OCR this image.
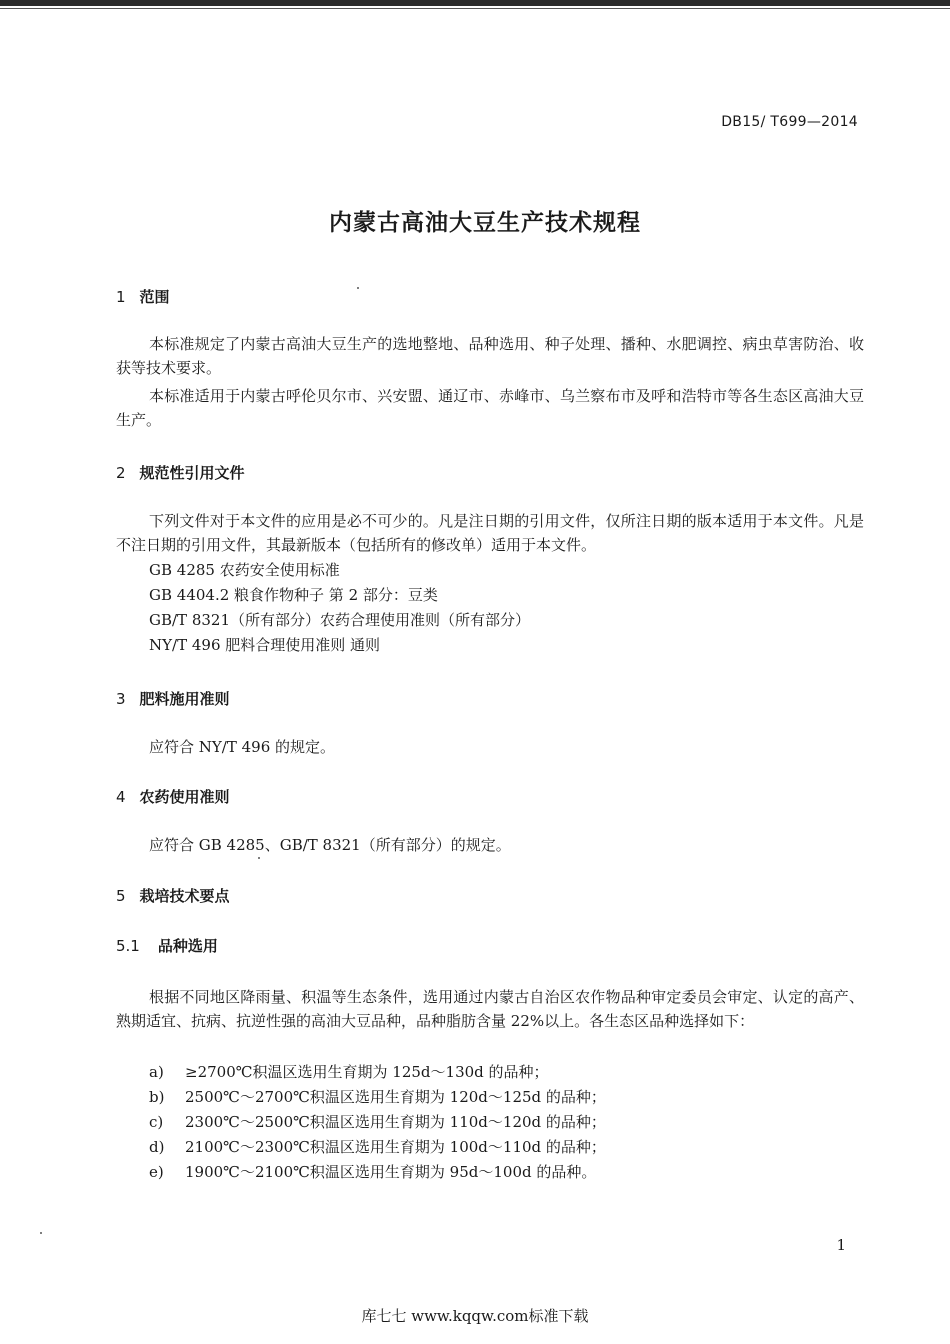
DB15/ T699—2014
内蒙古高油大豆生产技术规程
1 范围
本标准规定了内蒙古高油大豆生产的选地整地、品种选用、种子处理、播种、水肥调控、病虫草害防治、收获等技术要求。
本标准适用于内蒙古呼伦贝尔市、兴安盟、通辽市、赤峰市、乌兰察布市及呼和浩特市等各生态区高油大豆生产。
2 规范性引用文件
下列文件对于本文件的应用是必不可少的。凡是注日期的引用文件，仅所注日期的版本适用于本文件。凡是不注日期的引用文件，其最新版本（包括所有的修改单）适用于本文件。
GB 4285 农药安全使用标准
GB 4404.2 粮食作物种子 第 2 部分：豆类
GB/T 8321（所有部分）农药合理使用准则（所有部分）
NY/T 496 肥料合理使用准则 通则
3 肥料施用准则
应符合 NY/T 496 的规定。
4 农药使用准则
应符合 GB 4285、GB/T 8321（所有部分）的规定。
5 栽培技术要点
5.1 品种选用
根据不同地区降雨量、积温等生态条件，选用通过内蒙古自治区农作物品种审定委员会审定、认定的高产、熟期适宜、抗病、抗逆性强的高油大豆品种，品种脂肪含量 22%以上。各生态区品种选择如下：
a) ≥2700℃积温区选用生育期为 125d～130d 的品种；
b) 2500℃～2700℃积温区选用生育期为 120d～125d 的品种；
c) 2300℃～2500℃积温区选用生育期为 110d～120d 的品种；
d) 2100℃～2300℃积温区选用生育期为 100d～110d 的品种；
e) 1900℃～2100℃积温区选用生育期为 95d～100d 的品种。
1
库七七 www.kqqw.com标准下载
